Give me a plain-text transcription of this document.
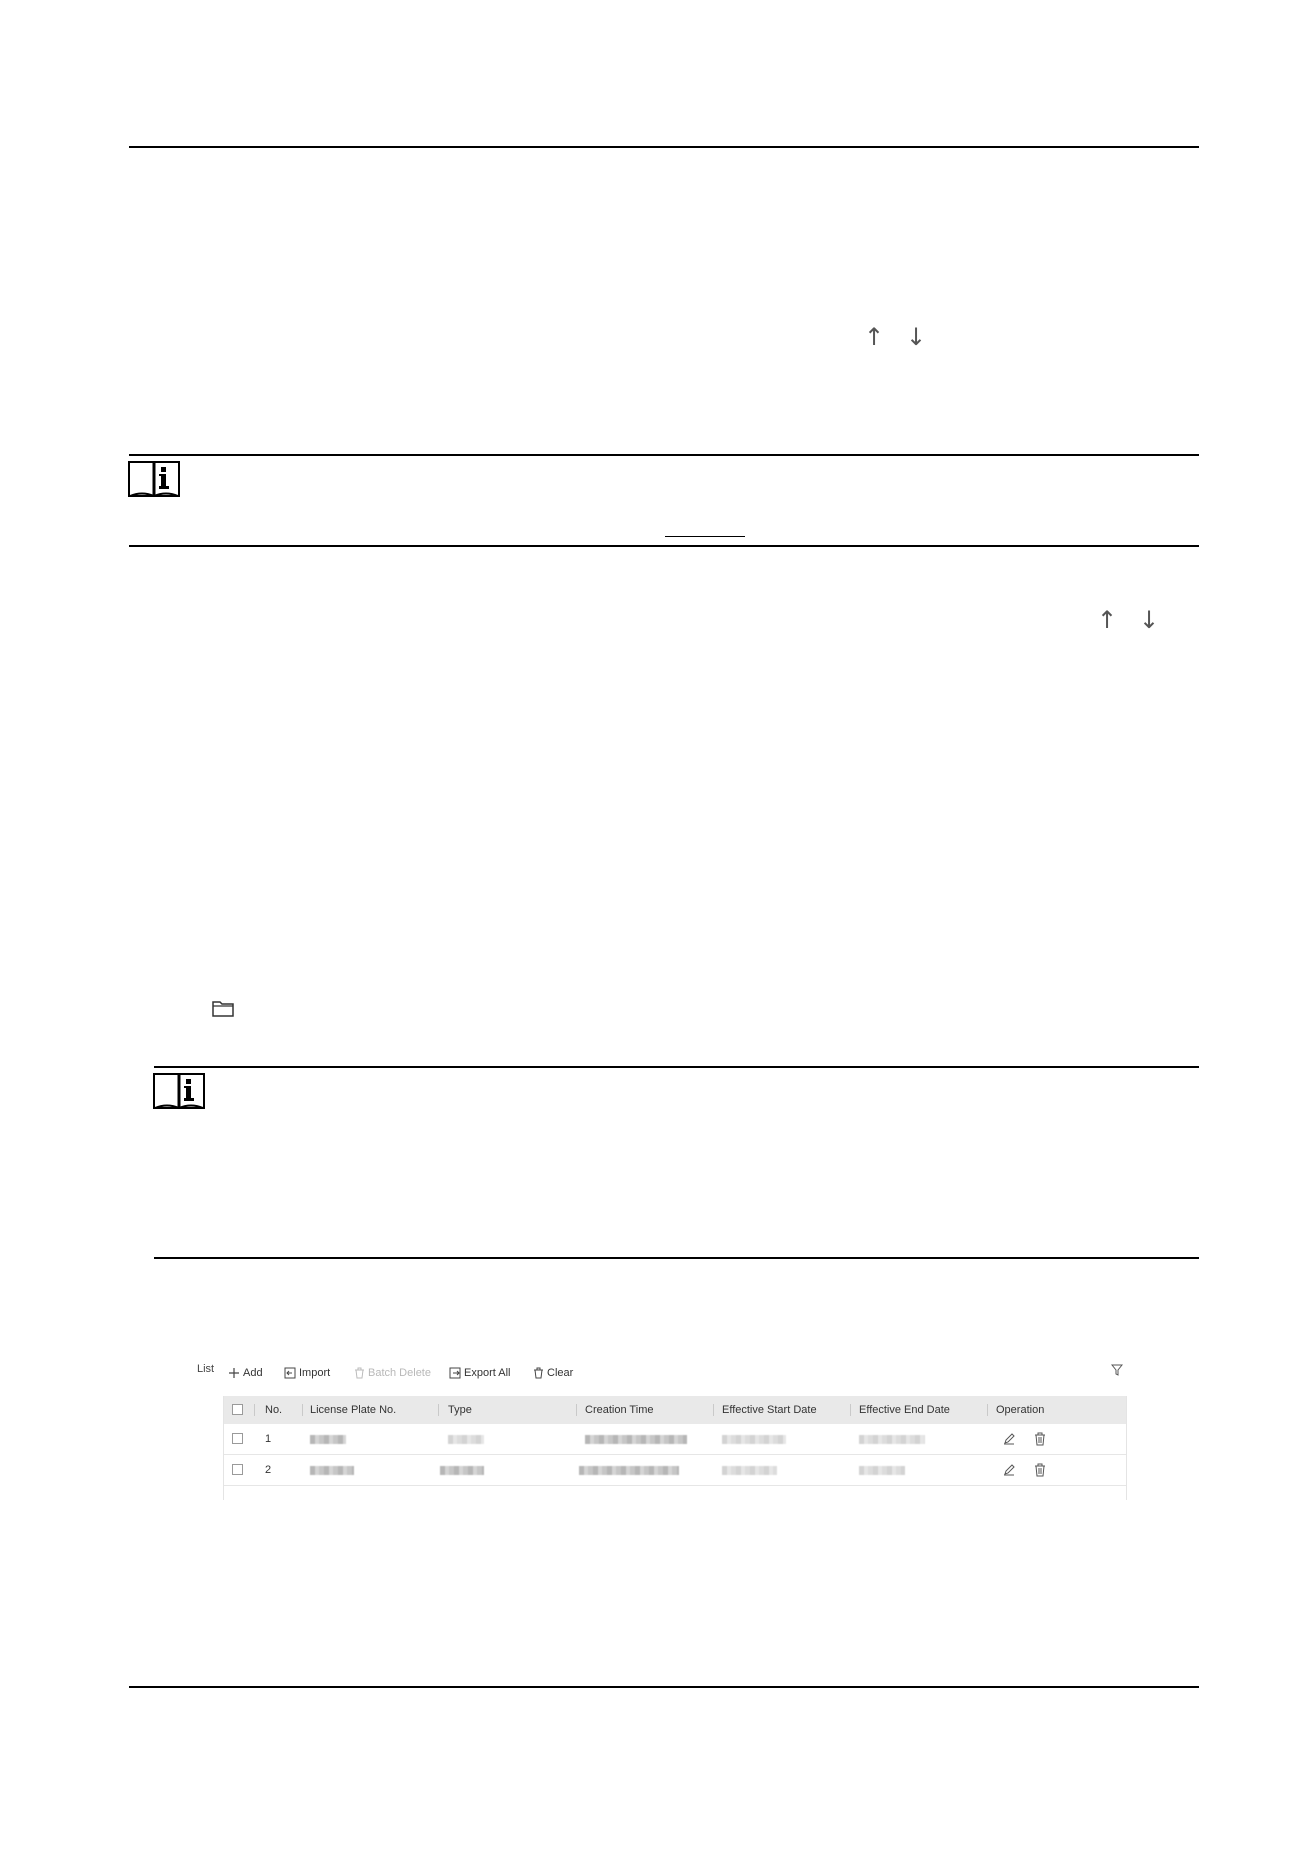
↑ ↓
↑ ↓
List	Add	Import	Batch Delete	Export All	Clear
No.	License Plate No.	Type	Creation Time	Effective Start Date	Effective End Date	Operation
1
2
